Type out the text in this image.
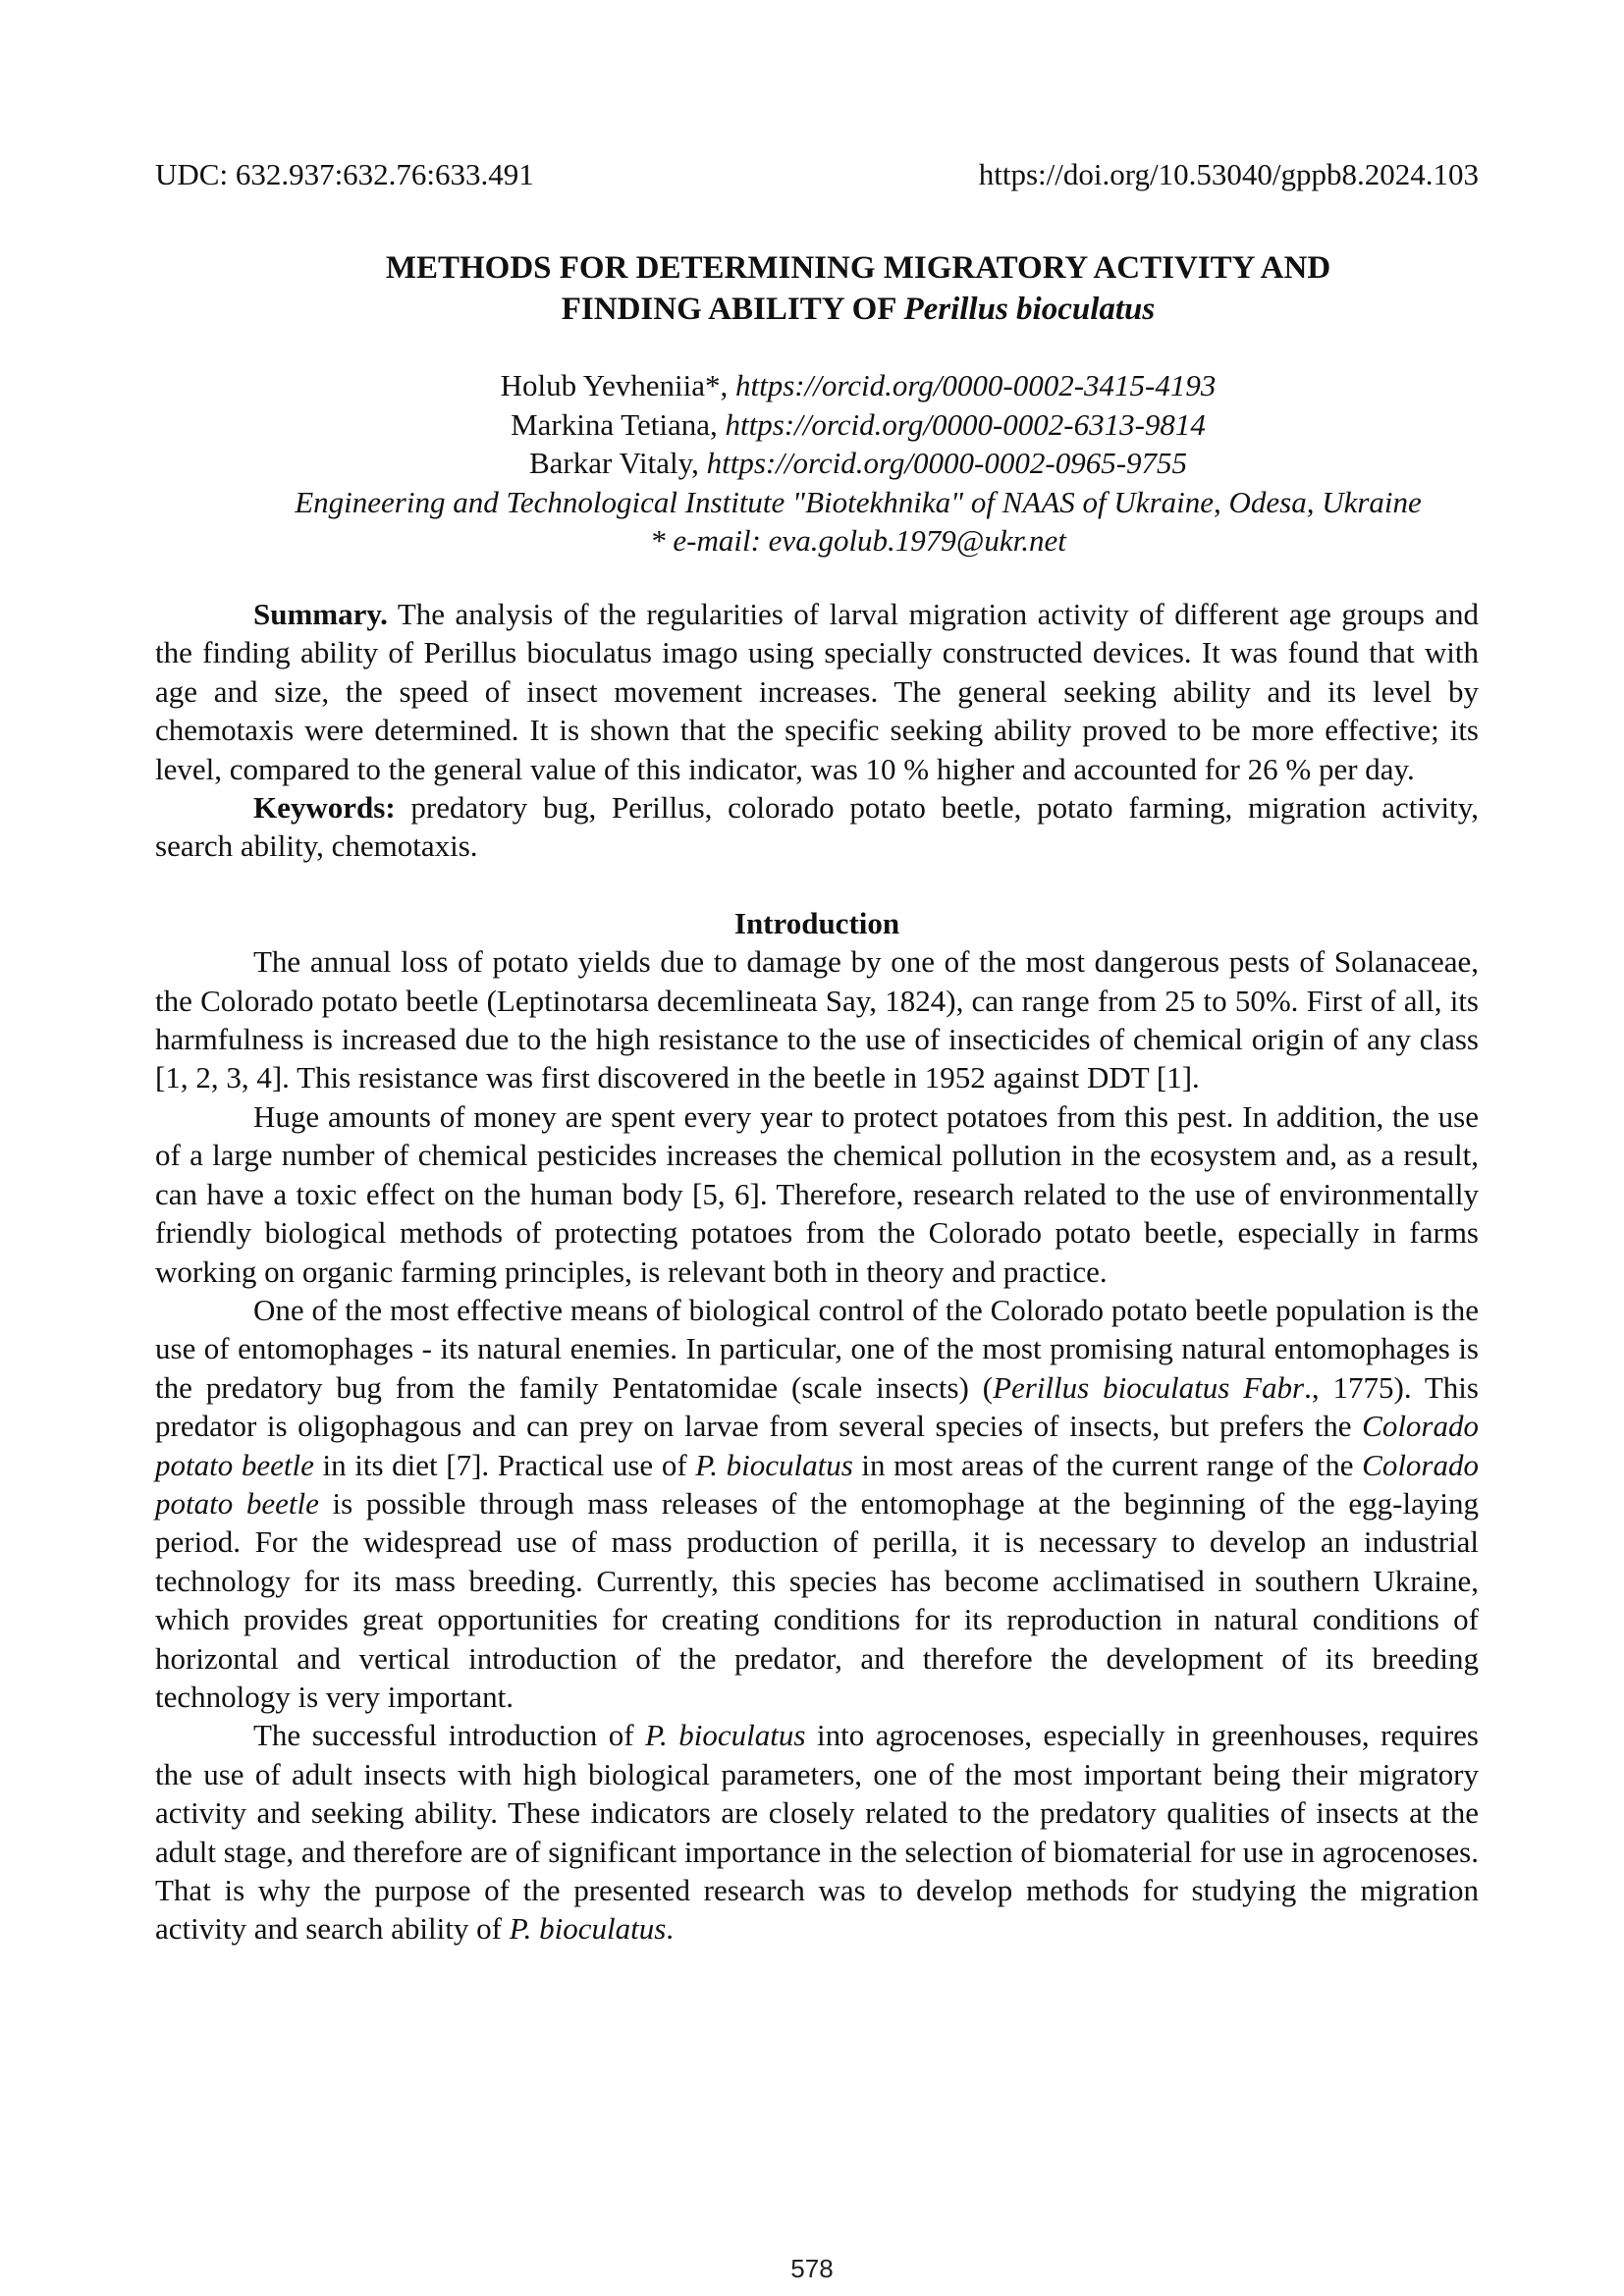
UDC: 632.937:632.76:633.491	https://doi.org/10.53040/gppb8.2024.103
METHODS FOR DETERMINING MIGRATORY ACTIVITY AND
FINDING ABILITY OF Perillus bioculatus
Holub Yevheniia*, https://orcid.org/0000-0002-3415-4193
Markina Tetiana, https://orcid.org/0000-0002-6313-9814
Barkar Vitaly, https://orcid.org/0000-0002-0965-9755
Engineering and Technological Institute "Biotekhnika" of NAAS of Ukraine, Odesa, Ukraine
* e-mail: eva.golub.1979@ukr.net

Summary. The analysis of the regularities of larval migration activity of different age groups and the finding ability of Perillus bioculatus imago using specially constructed devices. It was found that with age and size, the speed of insect movement increases. The general seeking ability and its level by chemotaxis were determined. It is shown that the specific seeking ability proved to be more effective; its level, compared to the general value of this indicator, was 10 % higher and accounted for 26 % per day.

Keywords: predatory bug, Perillus, colorado potato beetle, potato farming, migration activity, search ability, chemotaxis.

Introduction

The annual loss of potato yields due to damage by one of the most dangerous pests of Solanaceae, the Colorado potato beetle (Leptinotarsa decemlineata Say, 1824), can range from 25 to 50%. First of all, its harmfulness is increased due to the high resistance to the use of insecticides of chemical origin of any class [1, 2, 3, 4]. This resistance was first discovered in the beetle in 1952 against DDT [1].

Huge amounts of money are spent every year to protect potatoes from this pest. In addition, the use of a large number of chemical pesticides increases the chemical pollution in the ecosystem and, as a result, can have a toxic effect on the human body [5, 6]. Therefore, research related to the use of environmentally friendly biological methods of protecting potatoes from the Colorado potato beetle, especially in farms working on organic farming principles, is relevant both in theory and practice.

One of the most effective means of biological control of the Colorado potato beetle population is the use of entomophages - its natural enemies. In particular, one of the most promising natural entomophages is the predatory bug from the family Pentatomidae (scale insects) (Perillus bioculatus Fabr., 1775). This predator is oligophagous and can prey on larvae from several species of insects, but prefers the Colorado potato beetle in its diet [7]. Practical use of P. bioculatus in most areas of the current range of the Colorado potato beetle is possible through mass releases of the entomophage at the beginning of the egg-laying period. For the widespread use of mass production of perilla, it is necessary to develop an industrial technology for its mass breeding. Currently, this species has become acclimatised in southern Ukraine, which provides great opportunities for creating conditions for its reproduction in natural conditions of horizontal and vertical introduction of the predator, and therefore the development of its breeding technology is very important.

The successful introduction of P. bioculatus into agrocenoses, especially in greenhouses, requires the use of adult insects with high biological parameters, one of the most important being their migratory activity and seeking ability. These indicators are closely related to the predatory qualities of insects at the adult stage, and therefore are of significant importance in the selection of biomaterial for use in agrocenoses. That is why the purpose of the presented research was to develop methods for studying the migration activity and search ability of P. bioculatus.

578
